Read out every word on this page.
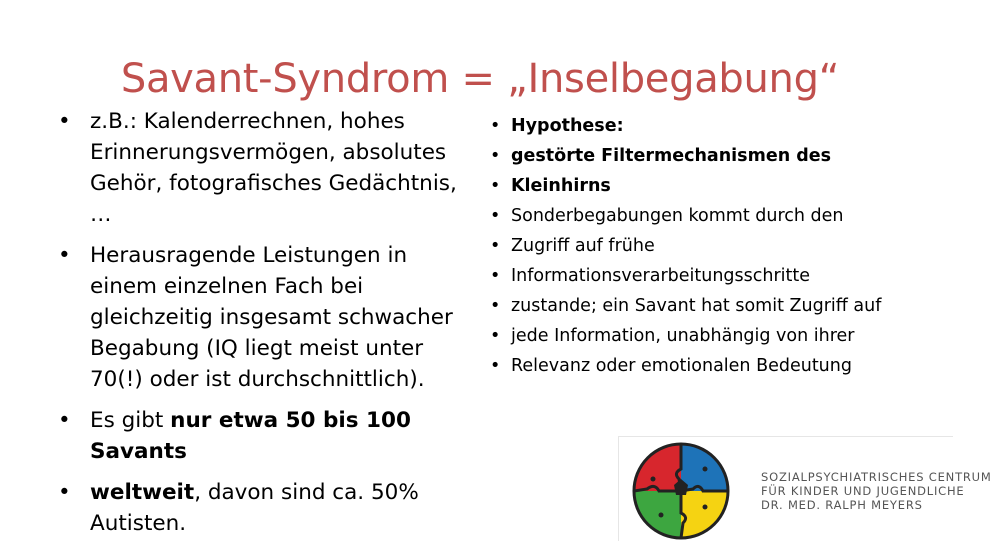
Savant-Syndrom = „Inselbegabung“
• z.B.: Kalenderrechnen, hohes Erinnerungsvermögen, absolutes Gehör, fotografisches Gedächtnis, …
• Herausragende Leistungen in einem einzelnen Fach bei gleichzeitig insgesamt schwacher Begabung (IQ liegt meist unter 70(!) oder ist durchschnittlich).
• Es gibt nur etwa 50 bis 100 Savants
• weltweit, davon sind ca. 50% Autisten.
• Hypothese:
• gestörte Filtermechanismen des
• Kleinhirns
• Sonderbegabungen kommt durch den
• Zugriff auf frühe
• Informationsverarbeitungsschritte
• zustande; ein Savant hat somit Zugriff auf
• jede Information, unabhängig von ihrer
• Relevanz oder emotionalen Bedeutung
SOZIALPSYCHIATRISCHES CENTRUM
FÜR KINDER UND JUGENDLICHE
DR. MED. RALPH MEYERS
